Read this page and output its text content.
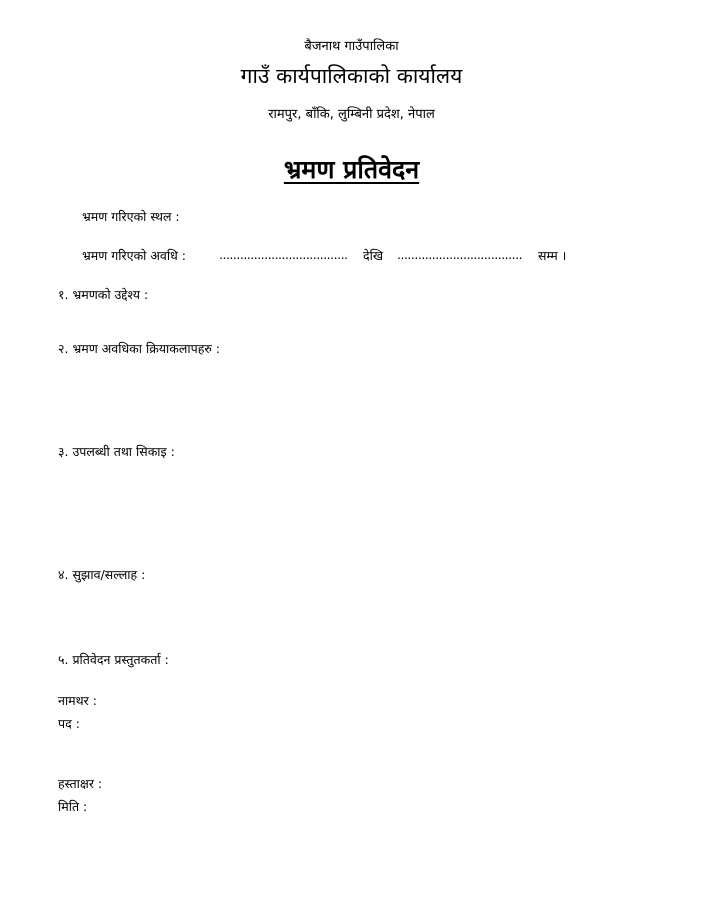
बैजनाथ गाउँपालिका
गाउँ कार्यपालिकाको कार्यालय
रामपुर, बाँकि, लुम्बिनी प्रदेश, नेपाल
भ्रमण प्रतिवेदन
भ्रमण गरिएको स्थल :
भ्रमण गरिएको अवधि :	..................................... देखि .................................... सम्म ।
१. भ्रमणको उद्देश्य :
२. भ्रमण अवधिका क्रियाकलापहरु :
३. उपलब्धी तथा सिकाइ :
४. सुझाव/सल्लाह :
५. प्रतिवेदन प्रस्तुतकर्ता :
नामथर :
पद :
हस्ताक्षर :
मिति :
